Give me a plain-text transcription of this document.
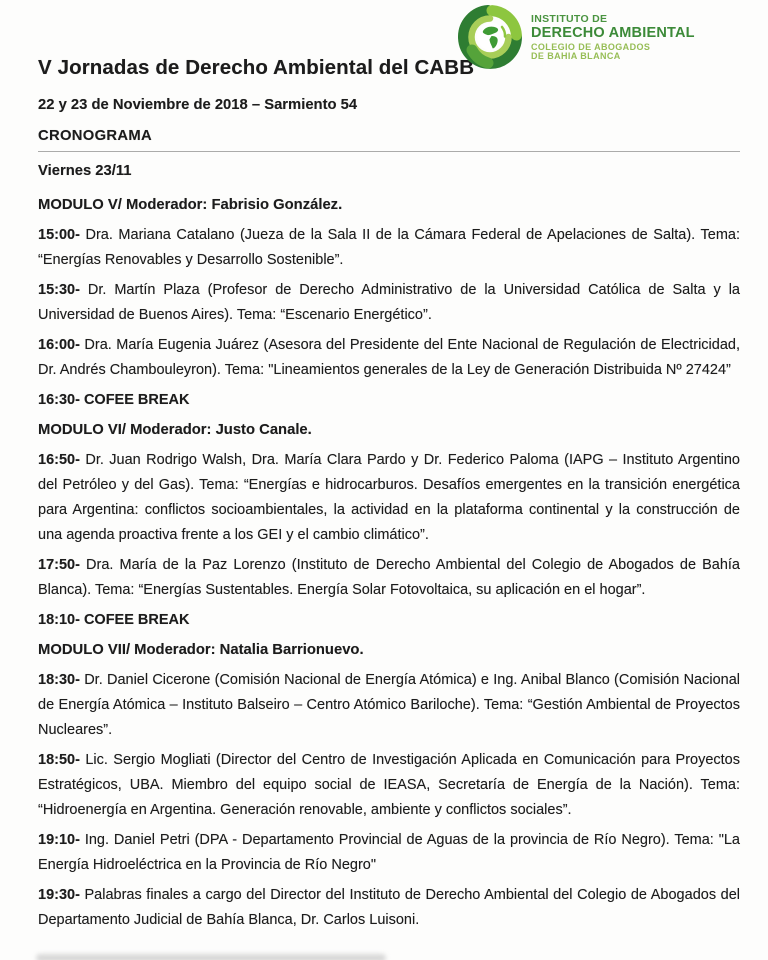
INSTITUTO DE
DERECHO AMBIENTAL
COLEGIO DE ABOGADOS
DE BAHIA BLANCA
V Jornadas de Derecho Ambiental del CABB

22 y 23 de Noviembre de 2018 – Sarmiento 54

CRONOGRAMA

Viernes 23/11

MODULO V/ Moderador: Fabrisio González.

15:00- Dra. Mariana Catalano (Jueza de la Sala II de la Cámara Federal de Apelaciones de Salta). Tema: “Energías Renovables y Desarrollo Sostenible”.

15:30- Dr. Martín Plaza (Profesor de Derecho Administrativo de la Universidad Católica de Salta y la Universidad de Buenos Aires). Tema: “Escenario Energético”.

16:00- Dra. María Eugenia Juárez (Asesora del Presidente del Ente Nacional de Regulación de Electricidad, Dr. Andrés Chambouleyron). Tema: "Lineamientos generales de la Ley de Generación Distribuida Nº 27424”

16:30- COFEE BREAK

MODULO VI/ Moderador: Justo Canale.

16:50- Dr. Juan Rodrigo Walsh, Dra. María Clara Pardo y Dr. Federico Paloma (IAPG – Instituto Argentino del Petróleo y del Gas). Tema: “Energías e hidrocarburos. Desafíos emergentes en la transición energética para Argentina: conflictos socioambientales, la actividad en la plataforma continental y la construcción de una agenda proactiva frente a los GEI y el cambio climático”.

17:50- Dra. María de la Paz Lorenzo (Instituto de Derecho Ambiental del Colegio de Abogados de Bahía Blanca). Tema: “Energías Sustentables. Energía Solar Fotovoltaica, su aplicación en el hogar”.

18:10- COFEE BREAK

MODULO VII/ Moderador: Natalia Barrionuevo.

18:30- Dr. Daniel Cicerone (Comisión Nacional de Energía Atómica) e Ing. Anibal Blanco (Comisión Nacional de Energía Atómica – Instituto Balseiro – Centro Atómico Bariloche). Tema: “Gestión Ambiental de Proyectos Nucleares”.

18:50- Lic. Sergio Mogliati (Director del Centro de Investigación Aplicada en Comunicación para Proyectos Estratégicos, UBA. Miembro del equipo social de IEASA, Secretaría de Energía de la Nación). Tema: “Hidroenergía en Argentina. Generación renovable, ambiente y conflictos sociales”.

19:10- Ing. Daniel Petri (DPA - Departamento Provincial de Aguas de la provincia de Río Negro). Tema: "La Energía Hidroeléctrica en la Provincia de Río Negro"

19:30- Palabras finales a cargo del Director del Instituto de Derecho Ambiental del Colegio de Abogados del Departamento Judicial de Bahía Blanca, Dr. Carlos Luisoni.
